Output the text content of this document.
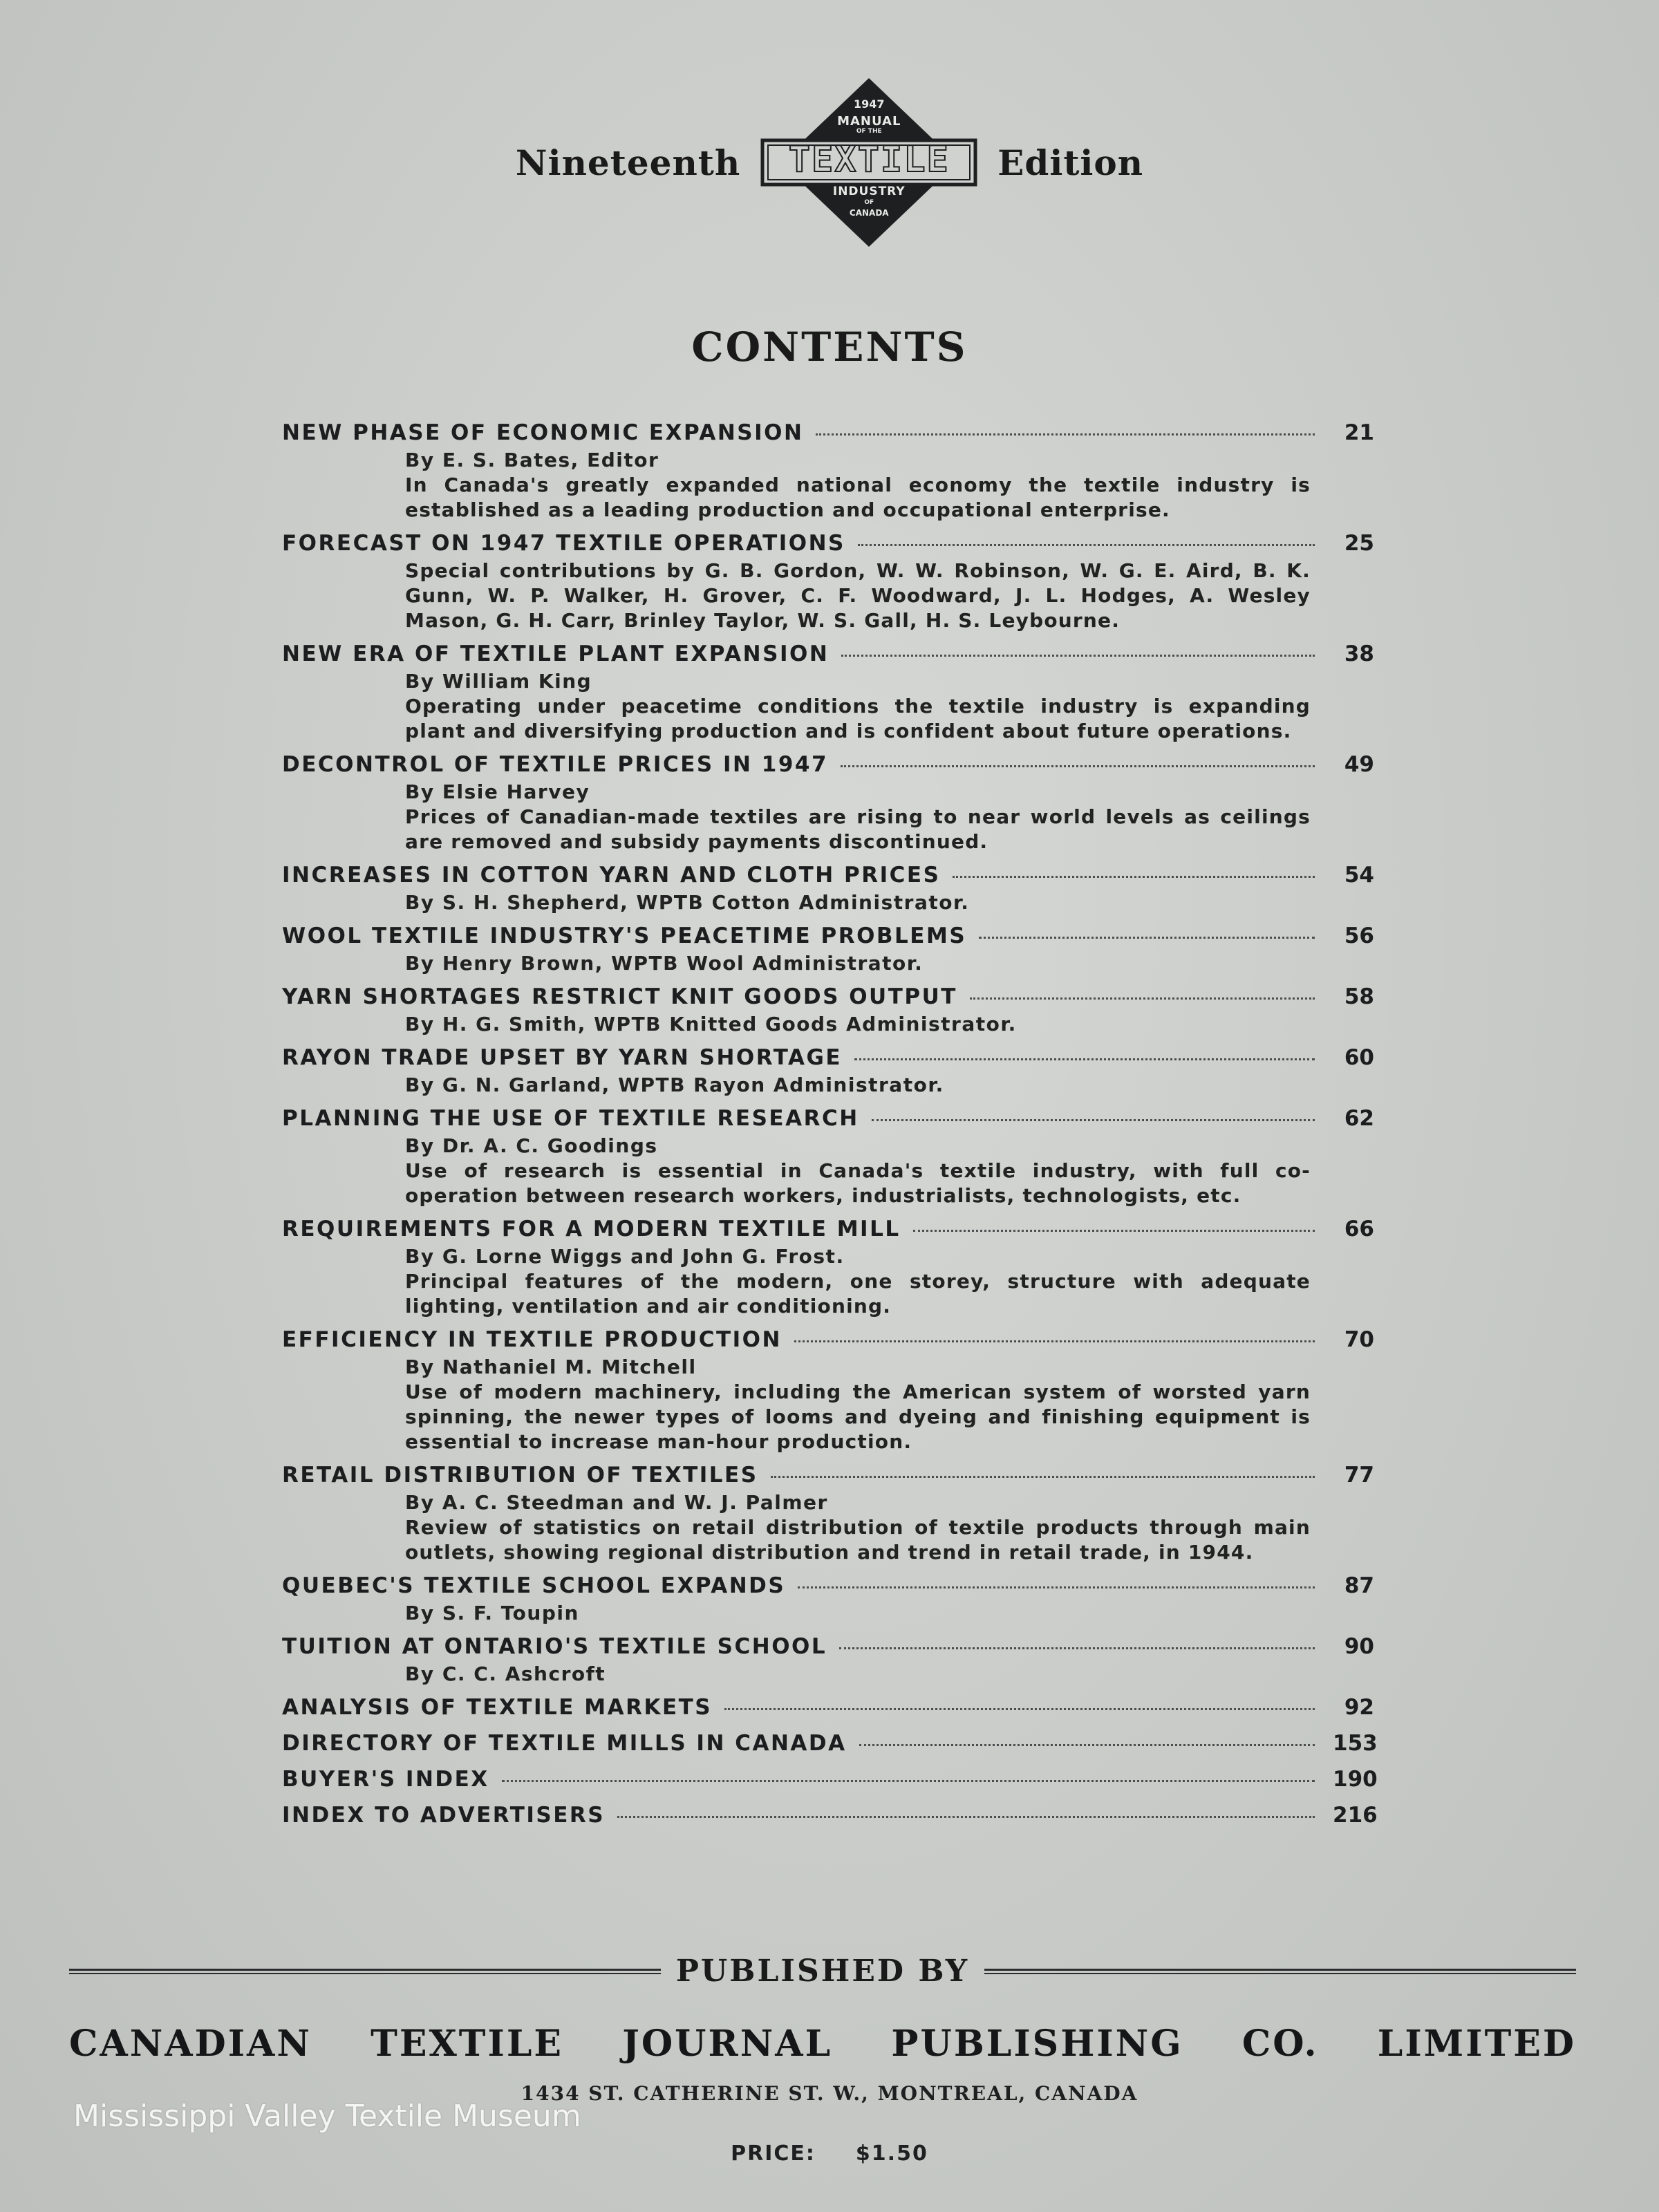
Nineteenth
1947
MANUAL
OF THE
TEXTILE
INDUSTRY
OF
CANADA
Edition
CONTENTS
NEW PHASE OF ECONOMIC EXPANSION	21
By E. S. Bates, Editor
In Canada's greatly expanded national economy the textile industry is established as a leading production and occupational enterprise.
FORECAST ON 1947 TEXTILE OPERATIONS	25
Special contributions by G. B. Gordon, W. W. Robinson, W. G. E. Aird, B. K. Gunn, W. P. Walker, H. Grover, C. F. Woodward, J. L. Hodges, A. Wesley Mason, G. H. Carr, Brinley Taylor, W. S. Gall, H. S. Leybourne.
NEW ERA OF TEXTILE PLANT EXPANSION	38
By William King
Operating under peacetime conditions the textile industry is expanding plant and diversifying production and is confident about future operations.
DECONTROL OF TEXTILE PRICES IN 1947	49
By Elsie Harvey
Prices of Canadian-made textiles are rising to near world levels as ceilings are removed and subsidy payments discontinued.
INCREASES IN COTTON YARN AND CLOTH PRICES	54
By S. H. Shepherd, WPTB Cotton Administrator.
WOOL TEXTILE INDUSTRY'S PEACETIME PROBLEMS	56
By Henry Brown, WPTB Wool Administrator.
YARN SHORTAGES RESTRICT KNIT GOODS OUTPUT	58
By H. G. Smith, WPTB Knitted Goods Administrator.
RAYON TRADE UPSET BY YARN SHORTAGE	60
By G. N. Garland, WPTB Rayon Administrator.
PLANNING THE USE OF TEXTILE RESEARCH	62
By Dr. A. C. Goodings
Use of research is essential in Canada's textile industry, with full co-operation between research workers, industrialists, technologists, etc.
REQUIREMENTS FOR A MODERN TEXTILE MILL	66
By G. Lorne Wiggs and John G. Frost.
Principal features of the modern, one storey, structure with adequate lighting, ventilation and air conditioning.
EFFICIENCY IN TEXTILE PRODUCTION	70
By Nathaniel M. Mitchell
Use of modern machinery, including the American system of worsted yarn spinning, the newer types of looms and dyeing and finishing equipment is essential to increase man-hour production.
RETAIL DISTRIBUTION OF TEXTILES	77
By A. C. Steedman and W. J. Palmer
Review of statistics on retail distribution of textile products through main outlets, showing regional distribution and trend in retail trade, in 1944.
QUEBEC'S TEXTILE SCHOOL EXPANDS	87
By S. F. Toupin
TUITION AT ONTARIO'S TEXTILE SCHOOL	90
By C. C. Ashcroft
ANALYSIS OF TEXTILE MARKETS	92
DIRECTORY OF TEXTILE MILLS IN CANADA	153
BUYER'S INDEX	190
INDEX TO ADVERTISERS	216
PUBLISHED BY
CANADIAN TEXTILE JOURNAL PUBLISHING CO. LIMITED
1434 ST. CATHERINE ST. W., MONTREAL, CANADA
Mississippi Valley Textile Museum
PRICE: $1.50
